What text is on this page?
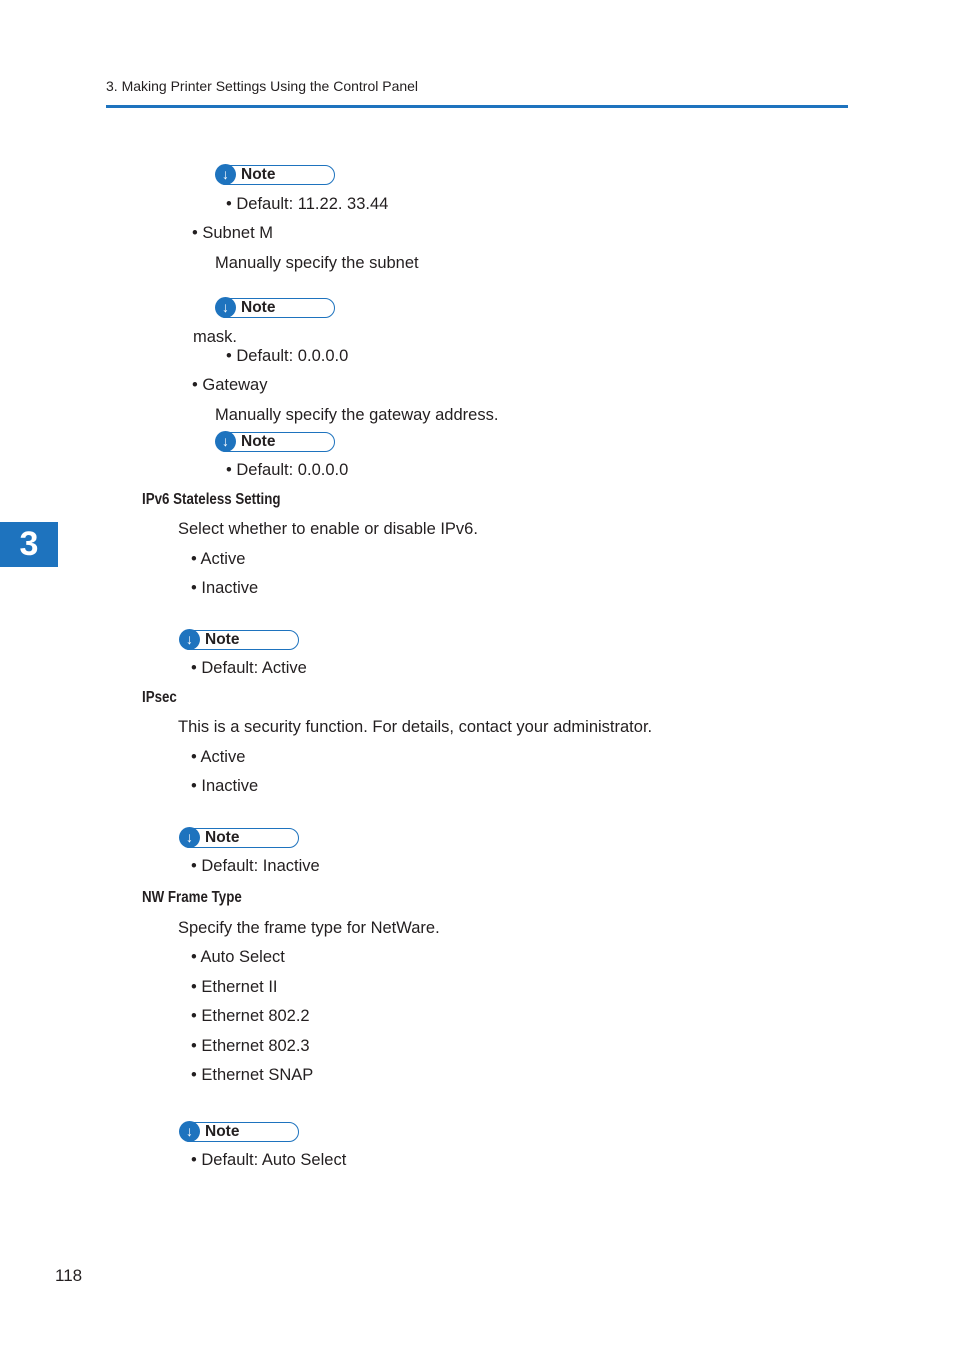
3. Making Printer Settings Using the Control Panel
3
↓ Note
• Default: 11.22. 33.44
• Subnet M
Manually specify the subnet
↓ Note
mask.
• Default: 0.0.0.0
• Gateway
Manually specify the gateway address.
↓ Note
• Default: 0.0.0.0
IPv6 Stateless Setting
Select whether to enable or disable IPv6.
• Active
• Inactive
↓ Note
• Default: Active
IPsec
This is a security function. For details, contact your administrator.
• Active
• Inactive
↓ Note
• Default: Inactive
NW Frame Type
Specify the frame type for NetWare.
• Auto Select
• Ethernet II
• Ethernet 802.2
• Ethernet 802.3
• Ethernet SNAP
↓ Note
• Default: Auto Select
118
